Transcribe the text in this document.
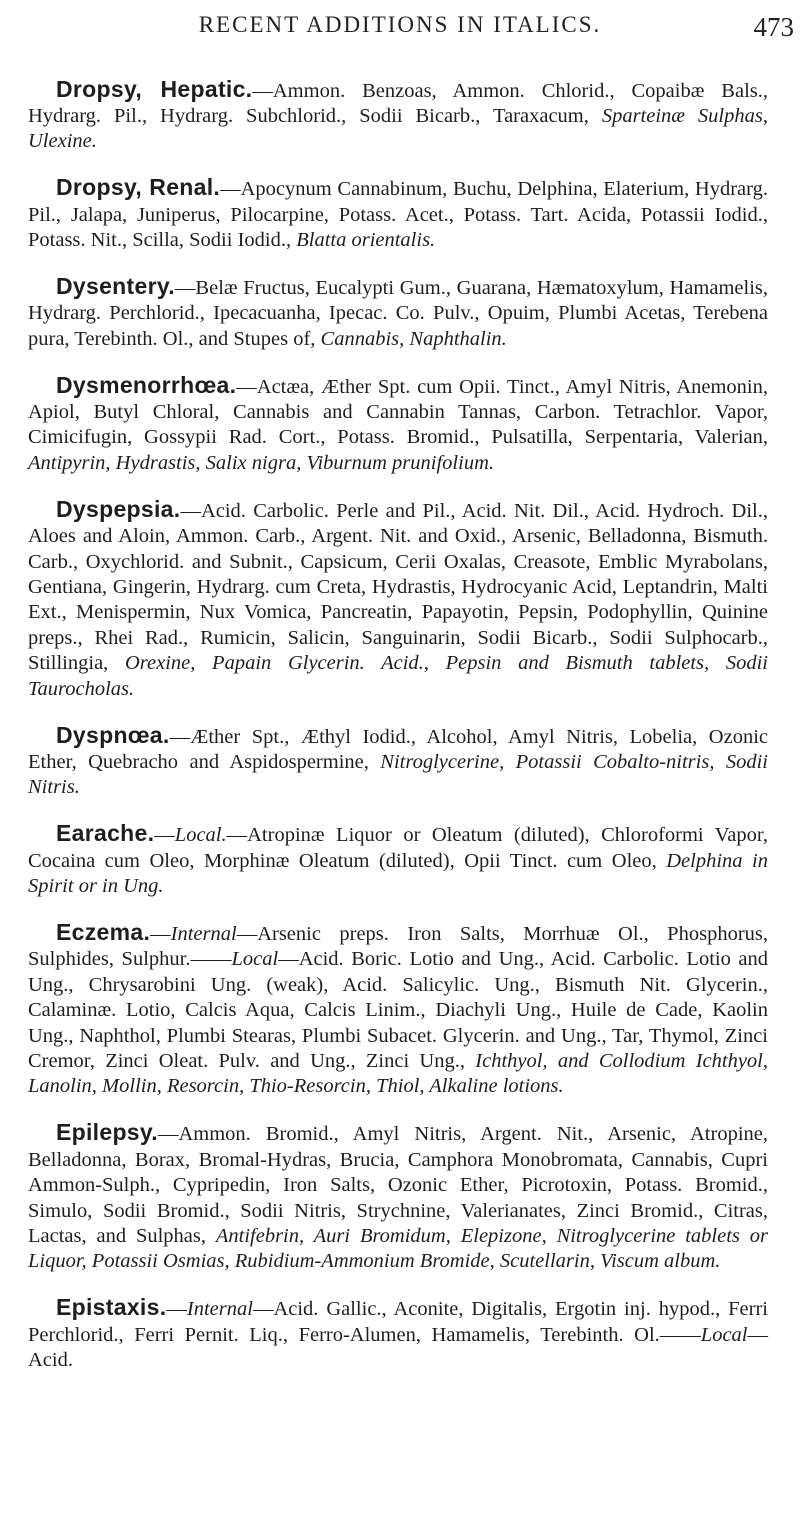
RECENT ADDITIONS IN ITALICS.	473

Dropsy, Hepatic.—Ammon. Benzoas, Ammon. Chlorid., Copaibæ Bals., Hydrarg. Pil., Hydrarg. Subchlorid., Sodii Bicarb., Taraxacum, Sparteinæ Sulphas, Ulexine.

Dropsy, Renal.—Apocynum Cannabinum, Buchu, Delphina, Elaterium, Hydrarg. Pil., Jalapa, Juniperus, Pilocarpine, Potass. Acet., Potass. Tart. Acida, Potassii Iodid., Potass. Nit., Scilla, Sodii Iodid., Blatta orientalis.

Dysentery.—Belæ Fructus, Eucalypti Gum., Guarana, Hæmatoxylum, Hamamelis, Hydrarg. Perchlorid., Ipecacuanha, Ipecac. Co. Pulv., Opuim, Plumbi Acetas, Terebena pura, Terebinth. Ol., and Stupes of, Cannabis, Naphthalin.

Dysmenorrhœa.—Actæa, Æther Spt. cum Opii. Tinct., Amyl Nitris, Anemonin, Apiol, Butyl Chloral, Cannabis and Cannabin Tannas, Carbon. Tetrachlor. Vapor, Cimicifugin, Gossypii Rad. Cort., Potass. Bromid., Pulsatilla, Serpentaria, Valerian, Antipyrin, Hydrastis, Salix nigra, Viburnum prunifolium.

Dyspepsia.—Acid. Carbolic. Perle and Pil., Acid. Nit. Dil., Acid. Hydroch. Dil., Aloes and Aloin, Ammon. Carb., Argent. Nit. and Oxid., Arsenic, Belladonna, Bismuth. Carb., Oxychlorid. and Subnit., Capsicum, Cerii Oxalas, Creasote, Emblic Myrabolans, Gentiana, Gingerin, Hydrarg. cum Creta, Hydrastis, Hydrocyanic Acid, Leptandrin, Malti Ext., Menispermin, Nux Vomica, Pancreatin, Papayotin, Pepsin, Podophyllin, Quinine preps., Rhei Rad., Rumicin, Salicin, Sanguinarin, Sodii Bicarb., Sodii Sulphocarb., Stillingia, Orexine, Papain Glycerin. Acid., Pepsin and Bismuth tablets, Sodii Taurocholas.

Dyspnœa.—Æther Spt., Æthyl Iodid., Alcohol, Amyl Nitris, Lobelia, Ozonic Ether, Quebracho and Aspidospermine, Nitroglycerine, Potassii Cobalto-nitris, Sodii Nitris.

Earache.—Local.—Atropinæ Liquor or Oleatum (diluted), Chloroformi Vapor, Cocaina cum Oleo, Morphinæ Oleatum (diluted), Opii Tinct. cum Oleo, Delphina in Spirit or in Ung.

Eczema.—Internal—Arsenic preps. Iron Salts, Morrhuæ Ol., Phosphorus, Sulphides, Sulphur.——Local—Acid. Boric. Lotio and Ung., Acid. Carbolic. Lotio and Ung., Chrysarobini Ung. (weak), Acid. Salicylic. Ung., Bismuth Nit. Glycerin., Calaminæ. Lotio, Calcis Aqua, Calcis Linim., Diachyli Ung., Huile de Cade, Kaolin Ung., Naphthol, Plumbi Stearas, Plumbi Subacet. Glycerin. and Ung., Tar, Thymol, Zinci Cremor, Zinci Oleat. Pulv. and Ung., Zinci Ung., Ichthyol, and Collodium Ichthyol, Lanolin, Mollin, Resorcin, Thio-Resorcin, Thiol, Alkaline lotions.

Epilepsy.—Ammon. Bromid., Amyl Nitris, Argent. Nit., Arsenic, Atropine, Belladonna, Borax, Bromal-Hydras, Brucia, Camphora Monobromata, Cannabis, Cupri Ammon-Sulph., Cypripedin, Iron Salts, Ozonic Ether, Picrotoxin, Potass. Bromid., Simulo, Sodii Bromid., Sodii Nitris, Strychnine, Valerianates, Zinci Bromid., Citras, Lactas, and Sulphas, Antifebrin, Auri Bromidum, Elepizone, Nitroglycerine tablets or Liquor, Potassii Osmias, Rubidium-Ammonium Bromide, Scutellarin, Viscum album.

Epistaxis.—Internal—Acid. Gallic., Aconite, Digitalis, Ergotin inj. hypod., Ferri Perchlorid., Ferri Pernit. Liq., Ferro-Alumen, Hamamelis, Terebinth. Ol.——Local—Acid.
